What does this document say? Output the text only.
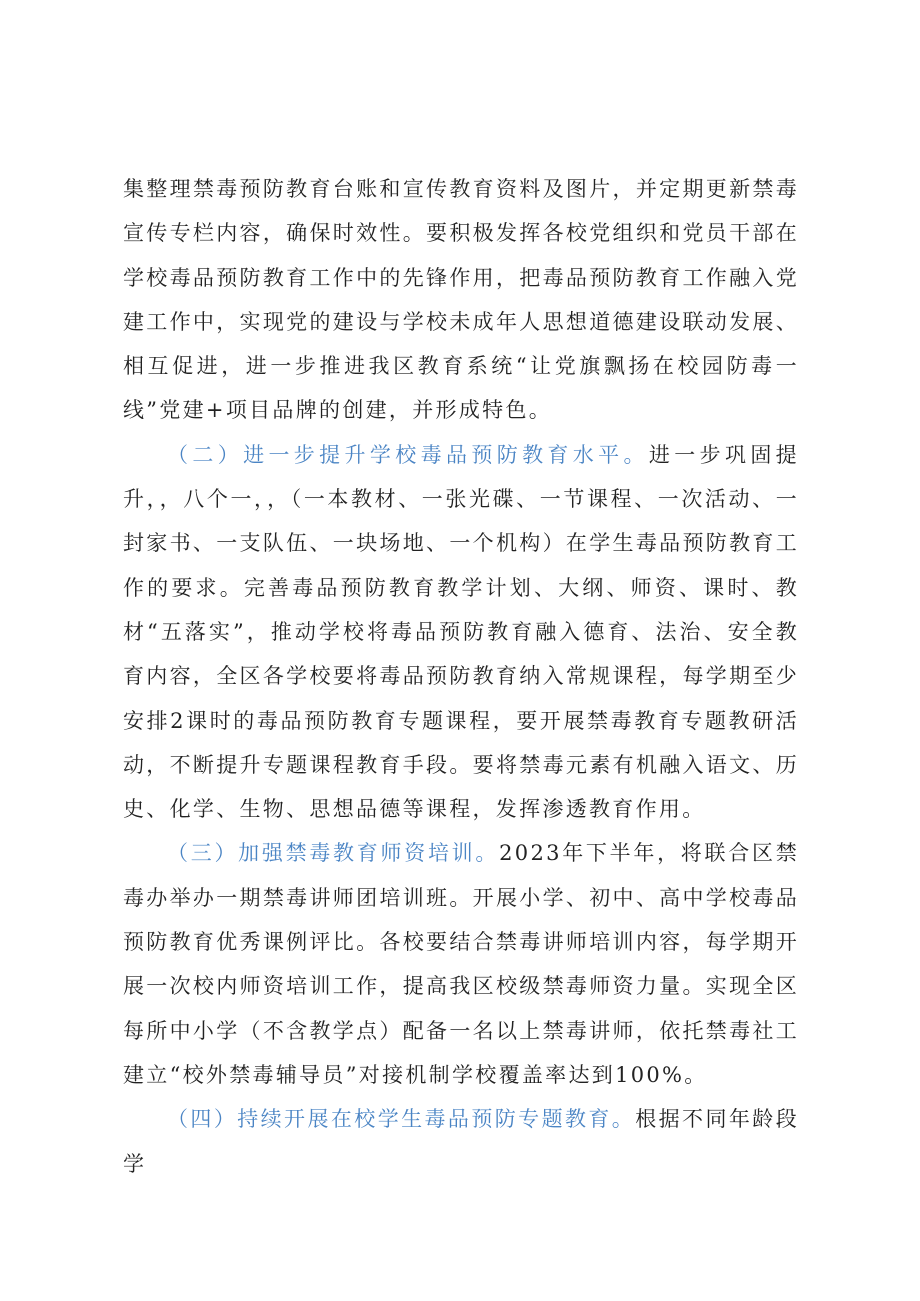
集整理禁毒预防教育台账和宣传教育资料及图片，并定期更新禁毒宣传专栏内容，确保时效性。要积极发挥各校党组织和党员干部在学校毒品预防教育工作中的先锋作用，把毒品预防教育工作融入党建工作中，实现党的建设与学校未成年人思想道德建设联动发展、相互促进，进一步推进我区教育系统“让党旗飘扬在校园防毒一线”党建+项目品牌的创建，并形成特色。

（二）进一步提升学校毒品预防教育水平。进一步巩固提升，，八个一，，（一本教材、一张光碟、一节课程、一次活动、一封家书、一支队伍、一块场地、一个机构）在学生毒品预防教育工作的要求。完善毒品预防教育教学计划、大纲、师资、课时、教材“五落实”，推动学校将毒品预防教育融入德育、法治、安全教育内容，全区各学校要将毒品预防教育纳入常规课程，每学期至少安排2课时的毒品预防教育专题课程，要开展禁毒教育专题教研活动，不断提升专题课程教育手段。要将禁毒元素有机融入语文、历史、化学、生物、思想品德等课程，发挥渗透教育作用。

（三）加强禁毒教育师资培训。2023年下半年，将联合区禁毒办举办一期禁毒讲师团培训班。开展小学、初中、高中学校毒品预防教育优秀课例评比。各校要结合禁毒讲师培训内容，每学期开展一次校内师资培训工作，提高我区校级禁毒师资力量。实现全区每所中小学（不含教学点）配备一名以上禁毒讲师，依托禁毒社工建立“校外禁毒辅导员”对接机制学校覆盖率达到100%。

（四）持续开展在校学生毒品预防专题教育。根据不同年龄段学
